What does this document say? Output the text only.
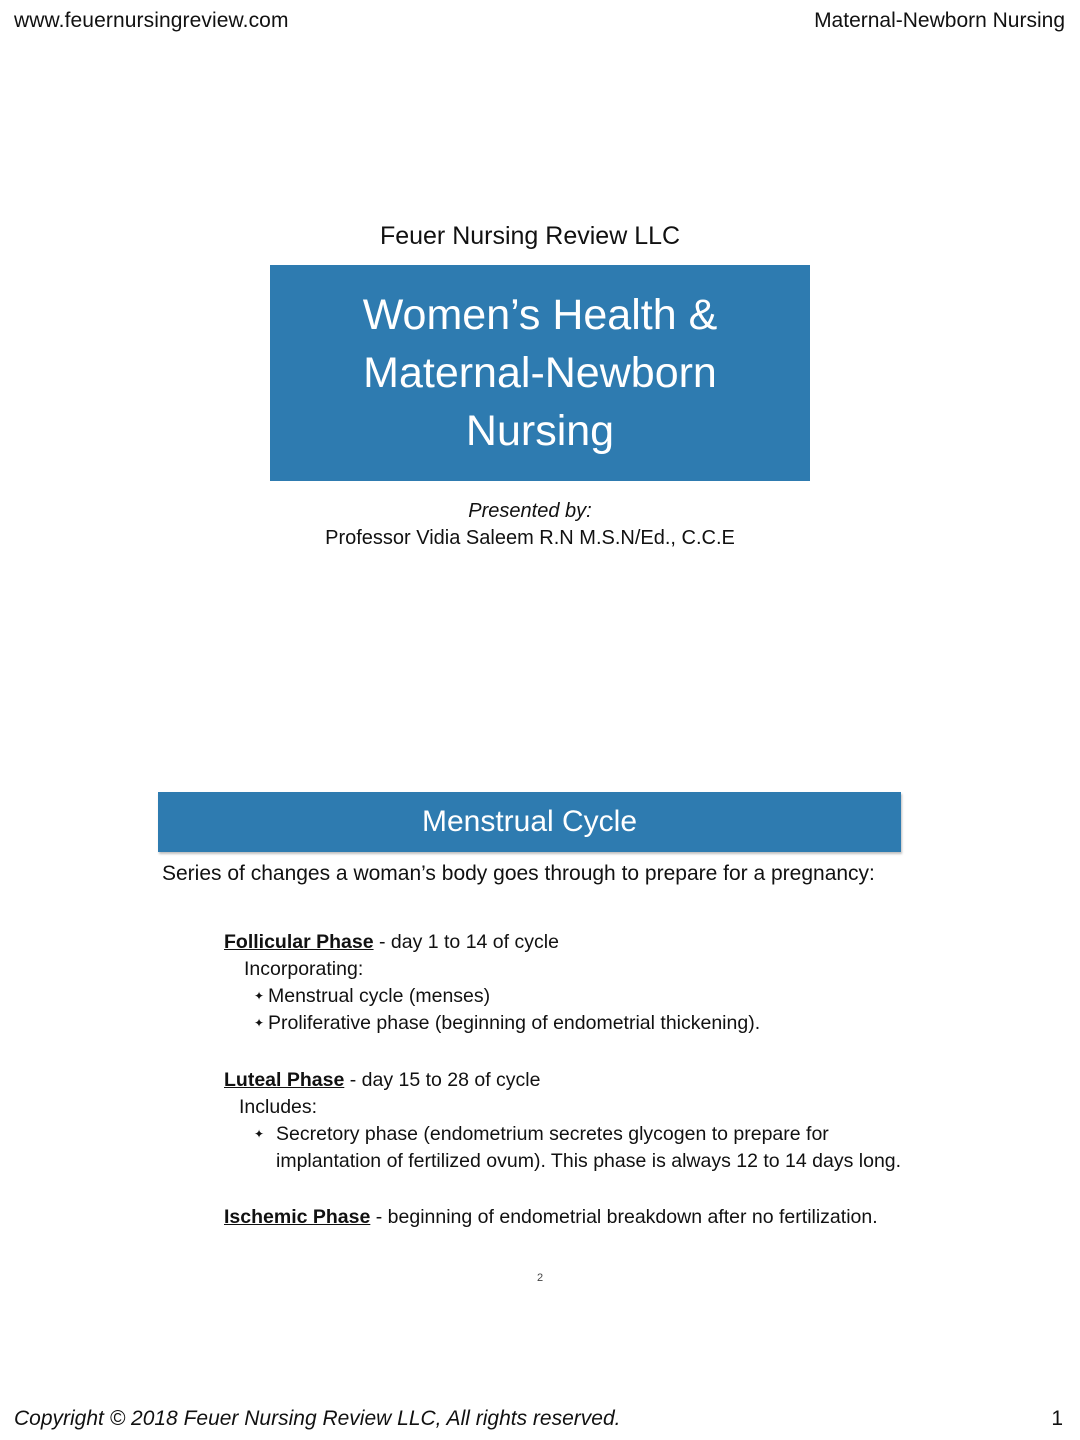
www.feuernursingreview.com	Maternal-Newborn Nursing
Feuer Nursing Review LLC
Women’s Health &
Maternal-Newborn
Nursing
Presented by:
Professor Vidia Saleem R.N M.S.N/Ed., C.C.E
Menstrual Cycle
Series of changes a woman’s body goes through to prepare for a pregnancy:
Follicular Phase - day 1 to 14 of cycle
Incorporating:
✦ Menstrual cycle (menses)
✦ Proliferative phase (beginning of endometrial thickening).
Luteal Phase - day 15 to 28 of cycle
Includes:
✦ Secretory phase (endometrium secretes glycogen to prepare for
implantation of fertilized ovum). This phase is always 12 to 14 days long.
Ischemic Phase - beginning of endometrial breakdown after no fertilization.
2
Copyright © 2018 Feuer Nursing Review LLC, All rights reserved.	1
